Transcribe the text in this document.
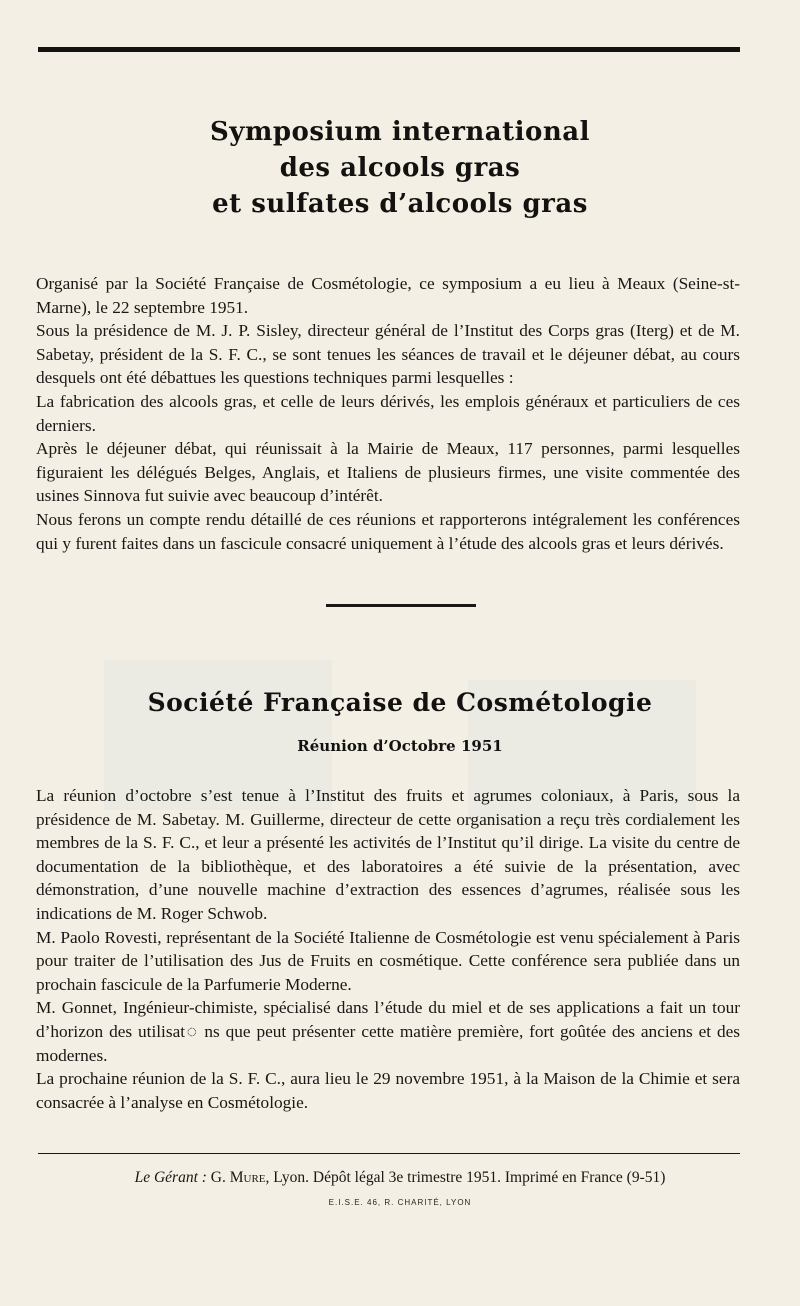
Symposium international
des alcools gras
et sulfates d’alcools gras

Organisé par la Société Française de Cosmétologie, ce symposium a eu lieu à Meaux (Seine-st-Marne), le 22 septembre 1951.

Sous la présidence de M. J. P. Sisley, directeur général de l’Institut des Corps gras (Iterg) et de M. Sabetay, président de la S. F. C., se sont tenues les séances de travail et le déjeuner débat, au cours desquels ont été débattues les questions techniques parmi lesquelles :

La fabrication des alcools gras, et celle de leurs dérivés, les emplois généraux et particuliers de ces derniers.

Après le déjeuner débat, qui réunissait à la Mairie de Meaux, 117 personnes, parmi lesquelles figuraient les délégués Belges, Anglais, et Italiens de plusieurs firmes, une visite commentée des usines Sinnova fut suivie avec beaucoup d’intérêt.

Nous ferons un compte rendu détaillé de ces réunions et rapporterons intégralement les conférences qui y furent faites dans un fascicule consacré uniquement à l’étude des alcools gras et leurs dérivés.

Société Française de Cosmétologie
Réunion d’Octobre 1951

La réunion d’octobre s’est tenue à l’Institut des fruits et agrumes coloniaux, à Paris, sous la présidence de M. Sabetay. M. Guillerme, directeur de cette organisation a reçu très cordialement les membres de la S. F. C., et leur a présenté les activités de l’Institut qu’il dirige. La visite du centre de documentation de la bibliothèque, et des laboratoires a été suivie de la présentation, avec démonstration, d’une nouvelle machine d’extraction des essences d’agrumes, réalisée sous les indications de M. Roger Schwob.

M. Paolo Rovesti, représentant de la Société Italienne de Cosmétologie est venu spécialement à Paris pour traiter de l’utilisation des Jus de Fruits en cosmétique. Cette conférence sera publiée dans un prochain fascicule de la Parfumerie Moderne.

M. Gonnet, Ingénieur-chimiste, spécialisé dans l’étude du miel et de ses applications a fait un tour d’horizon des utilisat◌ ns que peut présenter cette matière première, fort goûtée des anciens et des modernes.

La prochaine réunion de la S. F. C., aura lieu le 29 novembre 1951, à la Maison de la Chimie et sera consacrée à l’analyse en Cosmétologie.

Le Gérant : G. Mure, Lyon. Dépôt légal 3e trimestre 1951. Imprimé en France (9-51)
E.I.S.E. 46, R. CHARITÉ, LYON
